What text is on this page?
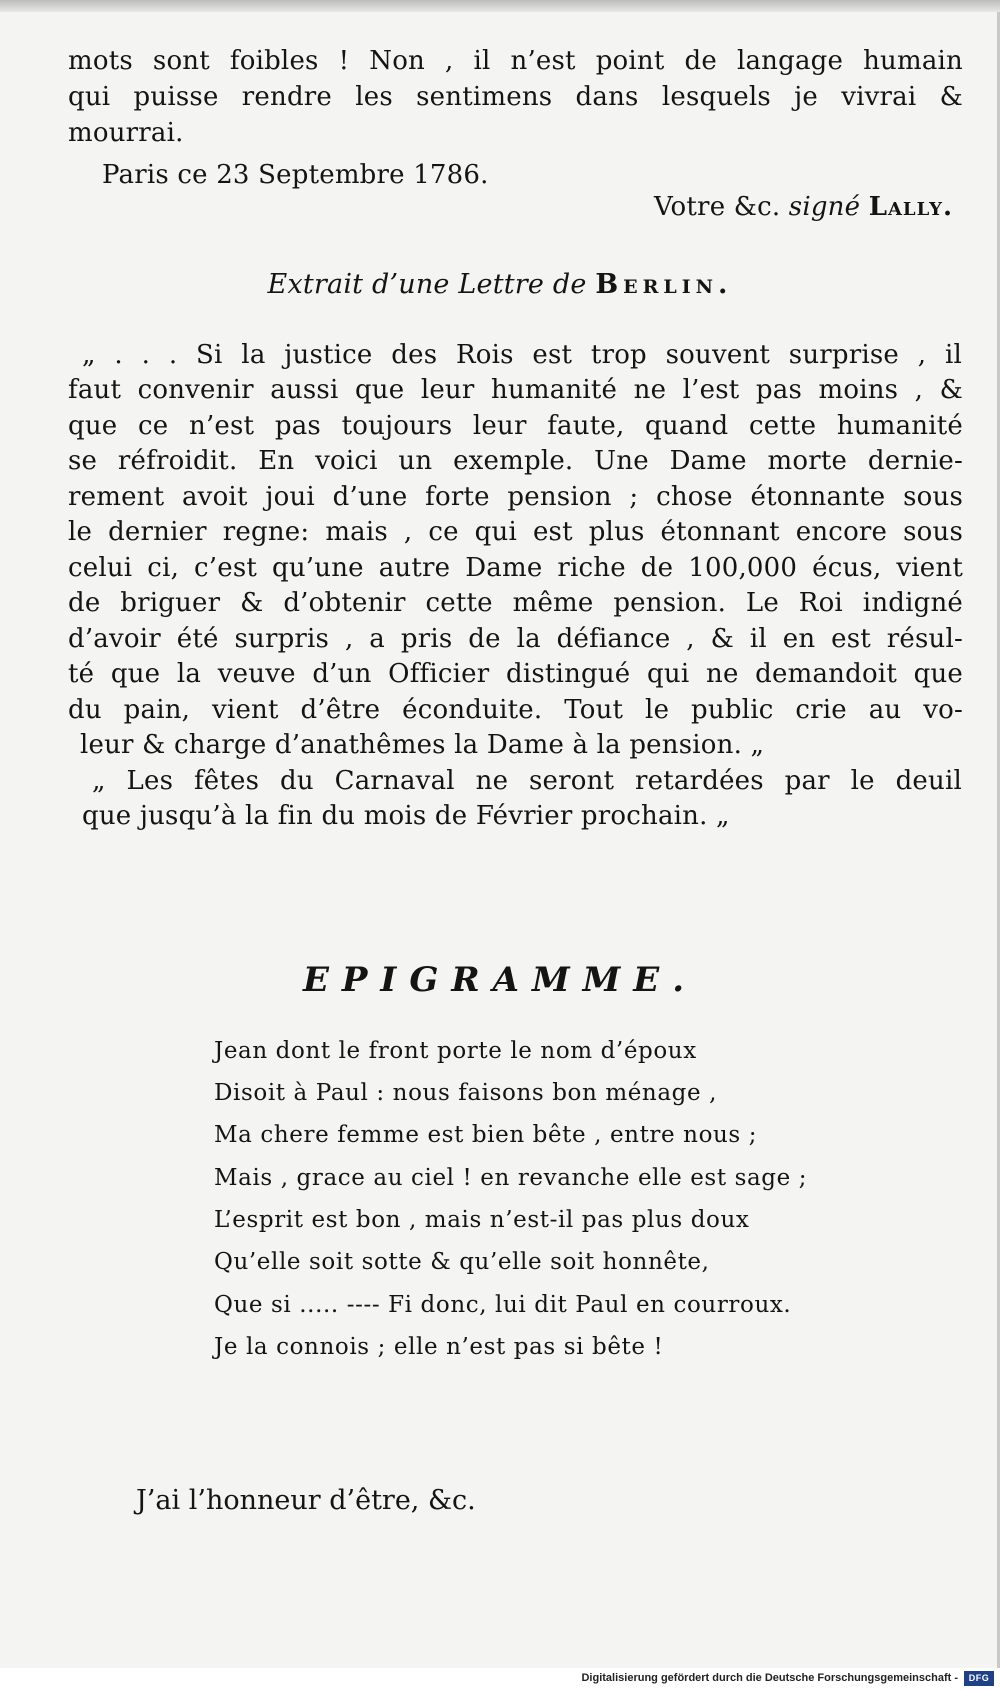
mots sont foibles ! Non , il n’est point de langage humain
qui puisse rendre les sentimens dans lesquels je vivrai &
mourrai.
Paris ce 23 Septembre 1786.
Votre &c. signé Lally.
Extrait d’une Lettre de Berlin.
„ . . . Si la justice des Rois est trop souvent surprise , il
faut convenir aussi que leur humanité ne l’est pas moins , &
que ce n’est pas toujours leur faute, quand cette humanité
se réfroidit. En voici un exemple. Une Dame morte dernie-
rement avoit joui d’une forte pension ; chose étonnante sous
le dernier regne: mais , ce qui est plus étonnant encore sous
celui ci, c’est qu’une autre Dame riche de 100,000 écus, vient
de briguer & d’obtenir cette même pension. Le Roi indigné
d’avoir été surpris , a pris de la défiance , & il en est résul-
té que la veuve d’un Officier distingué qui ne demandoit que
du pain, vient d’être éconduite. Tout le public crie au vo-
leur & charge d’anathêmes la Dame à la pension. „
„ Les fêtes du Carnaval ne seront retardées par le deuil
que jusqu’à la fin du mois de Février prochain. „
EPIGRAMME.
Jean dont le front porte le nom d’époux
Disoit à Paul : nous faisons bon ménage ,
Ma chere femme est bien bête , entre nous ;
Mais , grace au ciel ! en revanche elle est sage ;
L’esprit est bon , mais n’est-il pas plus doux
Qu’elle soit sotte & qu’elle soit honnête,
Que si ..... ---- Fi donc, lui dit Paul en courroux.
Je la connois ; elle n’est pas si bête !
J’ai l’honneur d’être, &c.
Digitalisierung gefördert durch die Deutsche Forschungsgemeinschaft -	DFG
